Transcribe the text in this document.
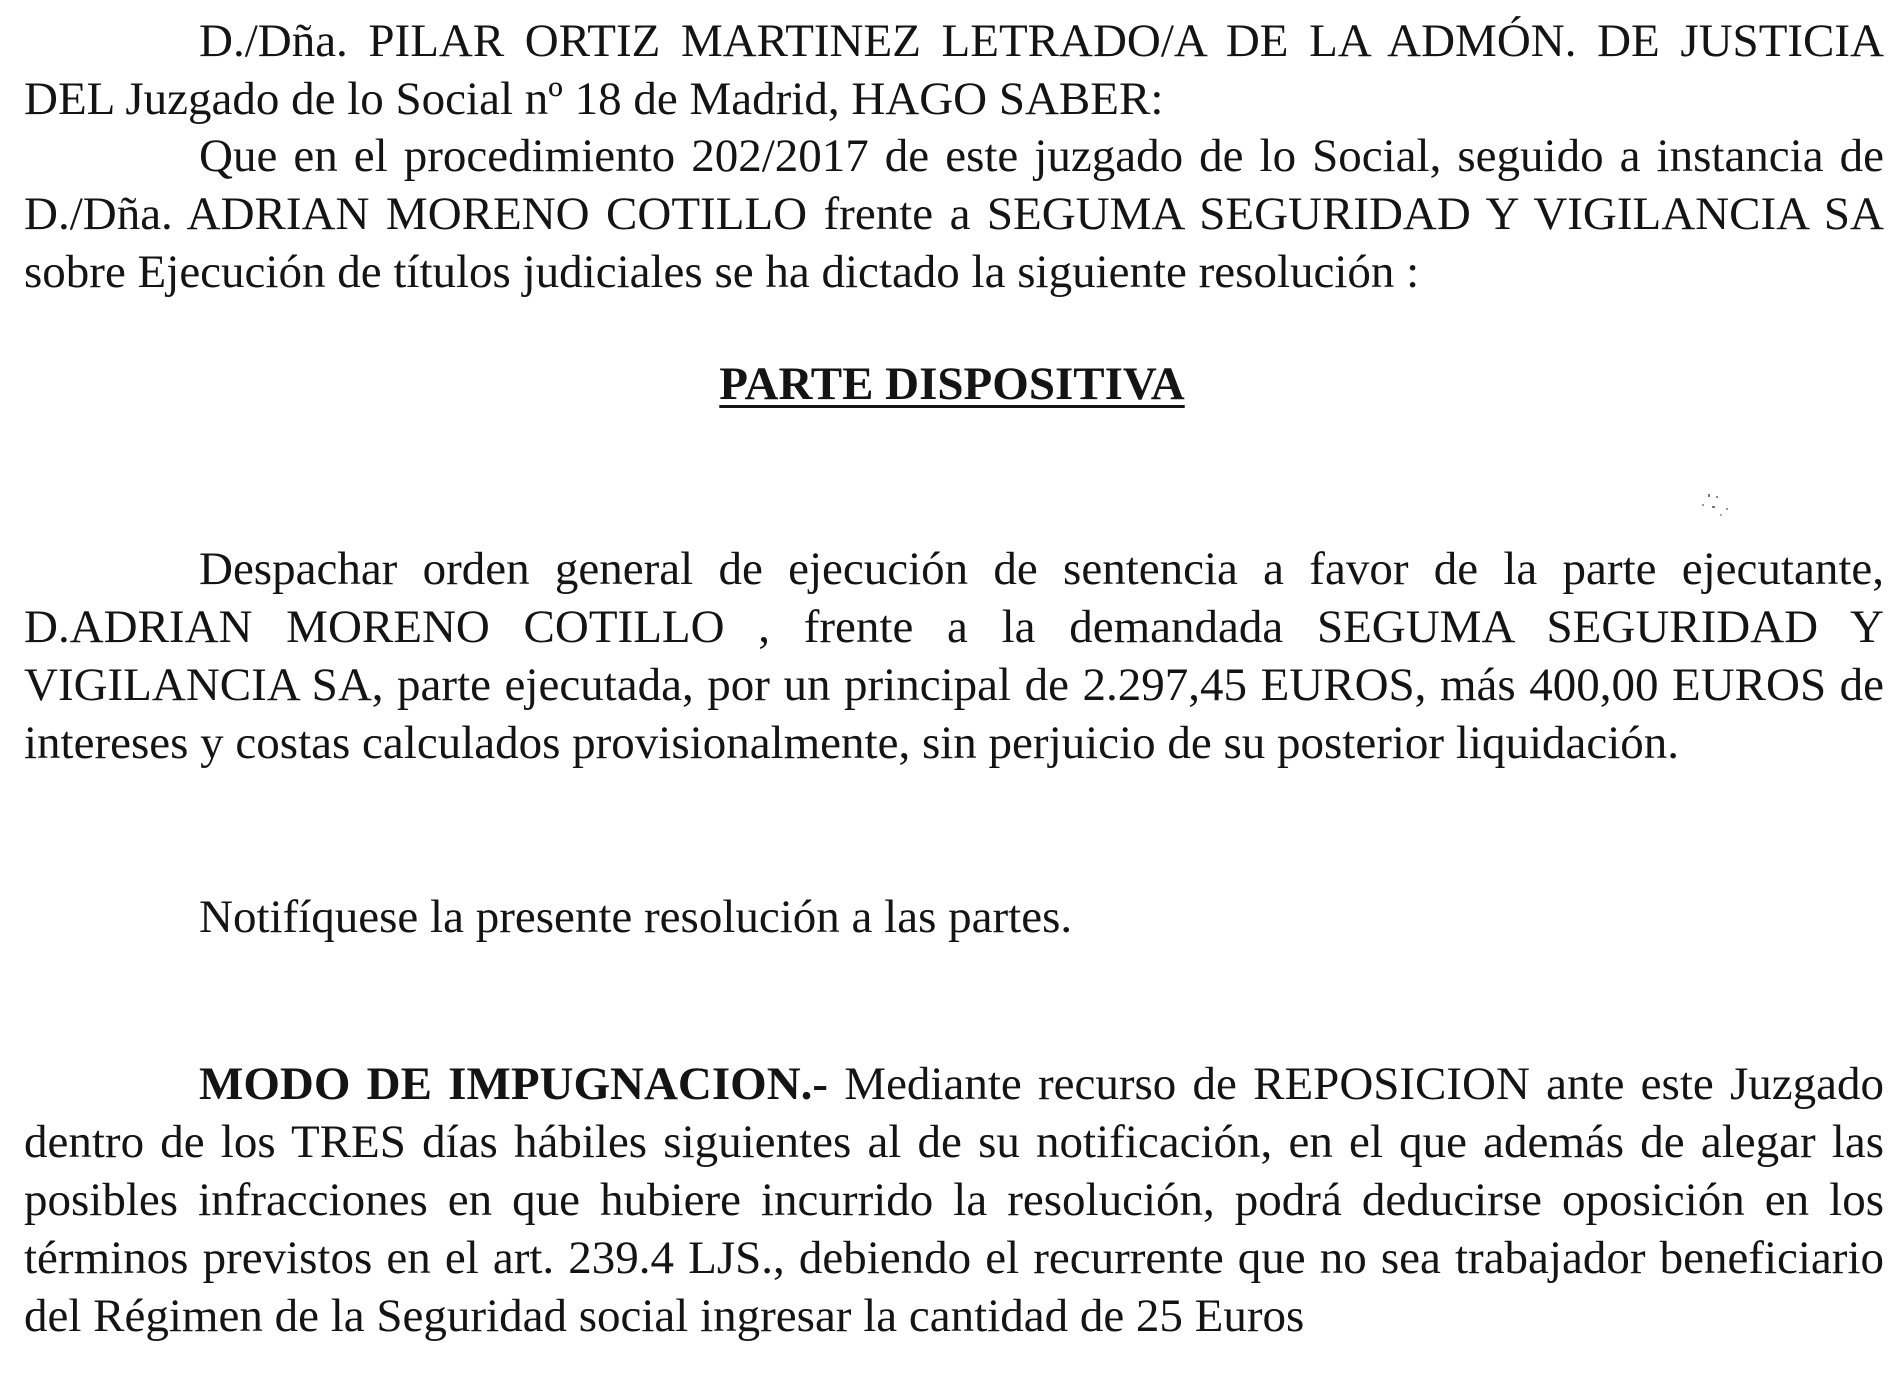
D./Dña. PILAR ORTIZ MARTINEZ LETRADO/A DE LA ADMÓN. DE JUSTICIA DEL Juzgado de lo Social nº 18 de Madrid, HAGO SABER:

Que en el procedimiento 202/2017 de este juzgado de lo Social, seguido a instancia de D./Dña. ADRIAN MORENO COTILLO frente a SEGUMA SEGURIDAD Y VIGILANCIA SA sobre Ejecución de títulos judiciales se ha dictado la siguiente resolución :

PARTE DISPOSITIVA

Despachar orden general de ejecución de sentencia a favor de la parte ejecutante, D.ADRIAN MORENO COTILLO , frente a la demandada SEGUMA SEGURIDAD Y VIGILANCIA SA, parte ejecutada, por un principal de 2.297,45 EUROS, más 400,00 EUROS de intereses y costas calculados provisionalmente, sin perjuicio de su posterior liquidación.

Notifíquese la presente resolución a las partes.

MODO DE IMPUGNACION.- Mediante recurso de REPOSICION ante este Juzgado dentro de los TRES días hábiles siguientes al de su notificación, en el que además de alegar las posibles infracciones en que hubiere incurrido la resolución, podrá deducirse oposición en los términos previstos en el art. 239.4 LJS., debiendo el recurrente que no sea trabajador beneficiario del Régimen de la Seguridad social ingresar la cantidad de 25 Euros
